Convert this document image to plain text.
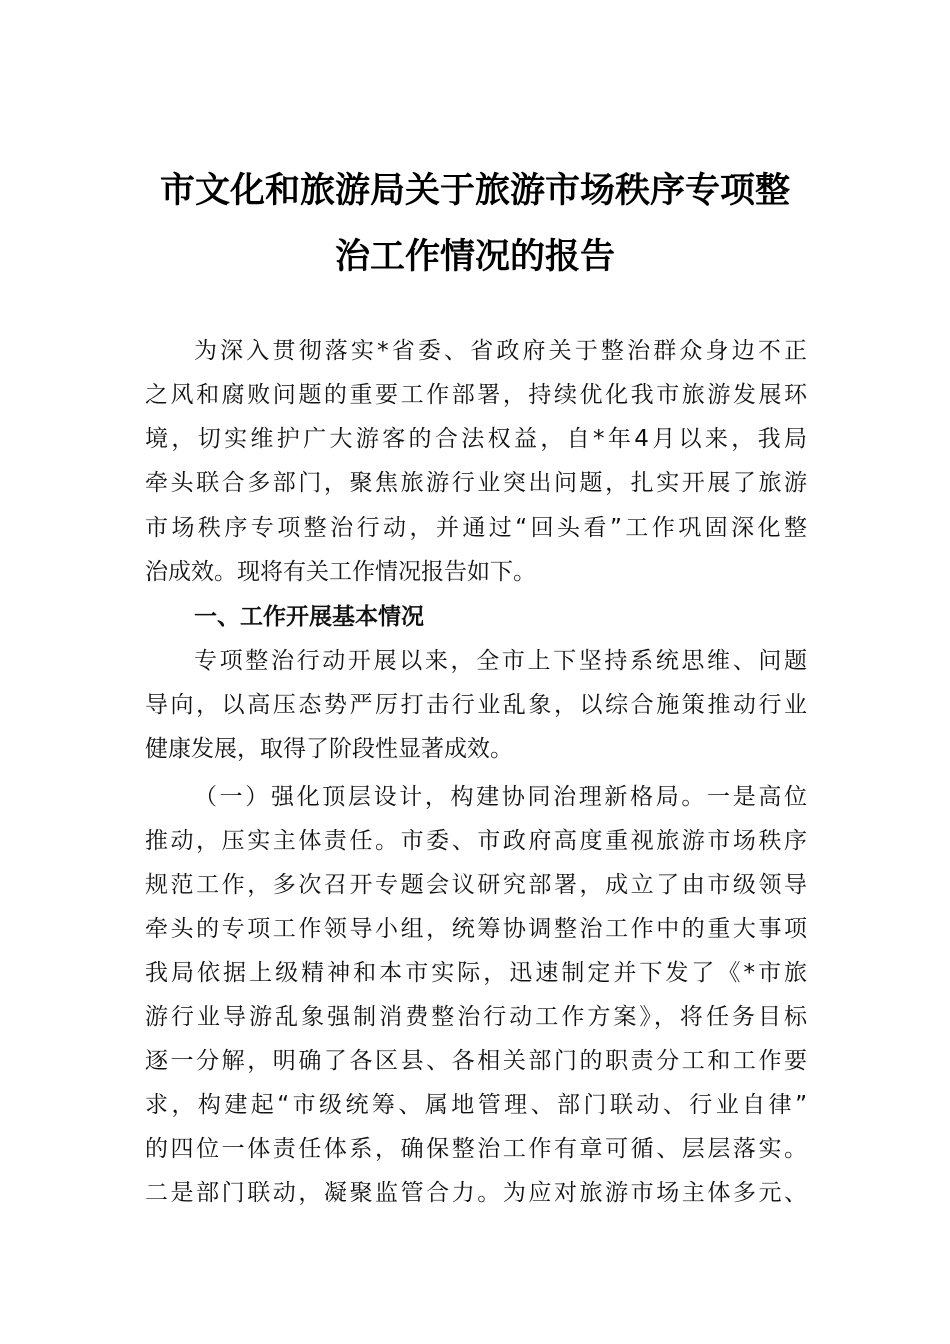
市文化和旅游局关于旅游市场秩序专项整
治工作情况的报告
为深入贯彻落实*省委、省政府关于整治群众身边不正
之风和腐败问题的重要工作部署，持续优化我市旅游发展环
境，切实维护广大游客的合法权益，自*年4月以来，我局
牵头联合多部门，聚焦旅游行业突出问题，扎实开展了旅游
市场秩序专项整治行动，并通过“回头看”工作巩固深化整
治成效。现将有关工作情况报告如下。
一、工作开展基本情况
专项整治行动开展以来，全市上下坚持系统思维、问题
导向，以高压态势严厉打击行业乱象，以综合施策推动行业
健康发展，取得了阶段性显著成效。
（一）强化顶层设计，构建协同治理新格局。一是高位
推动，压实主体责任。市委、市政府高度重视旅游市场秩序
规范工作，多次召开专题会议研究部署，成立了由市级领导
牵头的专项工作领导小组，统筹协调整治工作中的重大事项
我局依据上级精神和本市实际，迅速制定并下发了《*市旅
游行业导游乱象强制消费整治行动工作方案》，将任务目标
逐一分解，明确了各区县、各相关部门的职责分工和工作要
求，构建起“市级统筹、属地管理、部门联动、行业自律”
的四位一体责任体系，确保整治工作有章可循、层层落实。
二是部门联动，凝聚监管合力。为应对旅游市场主体多元、
